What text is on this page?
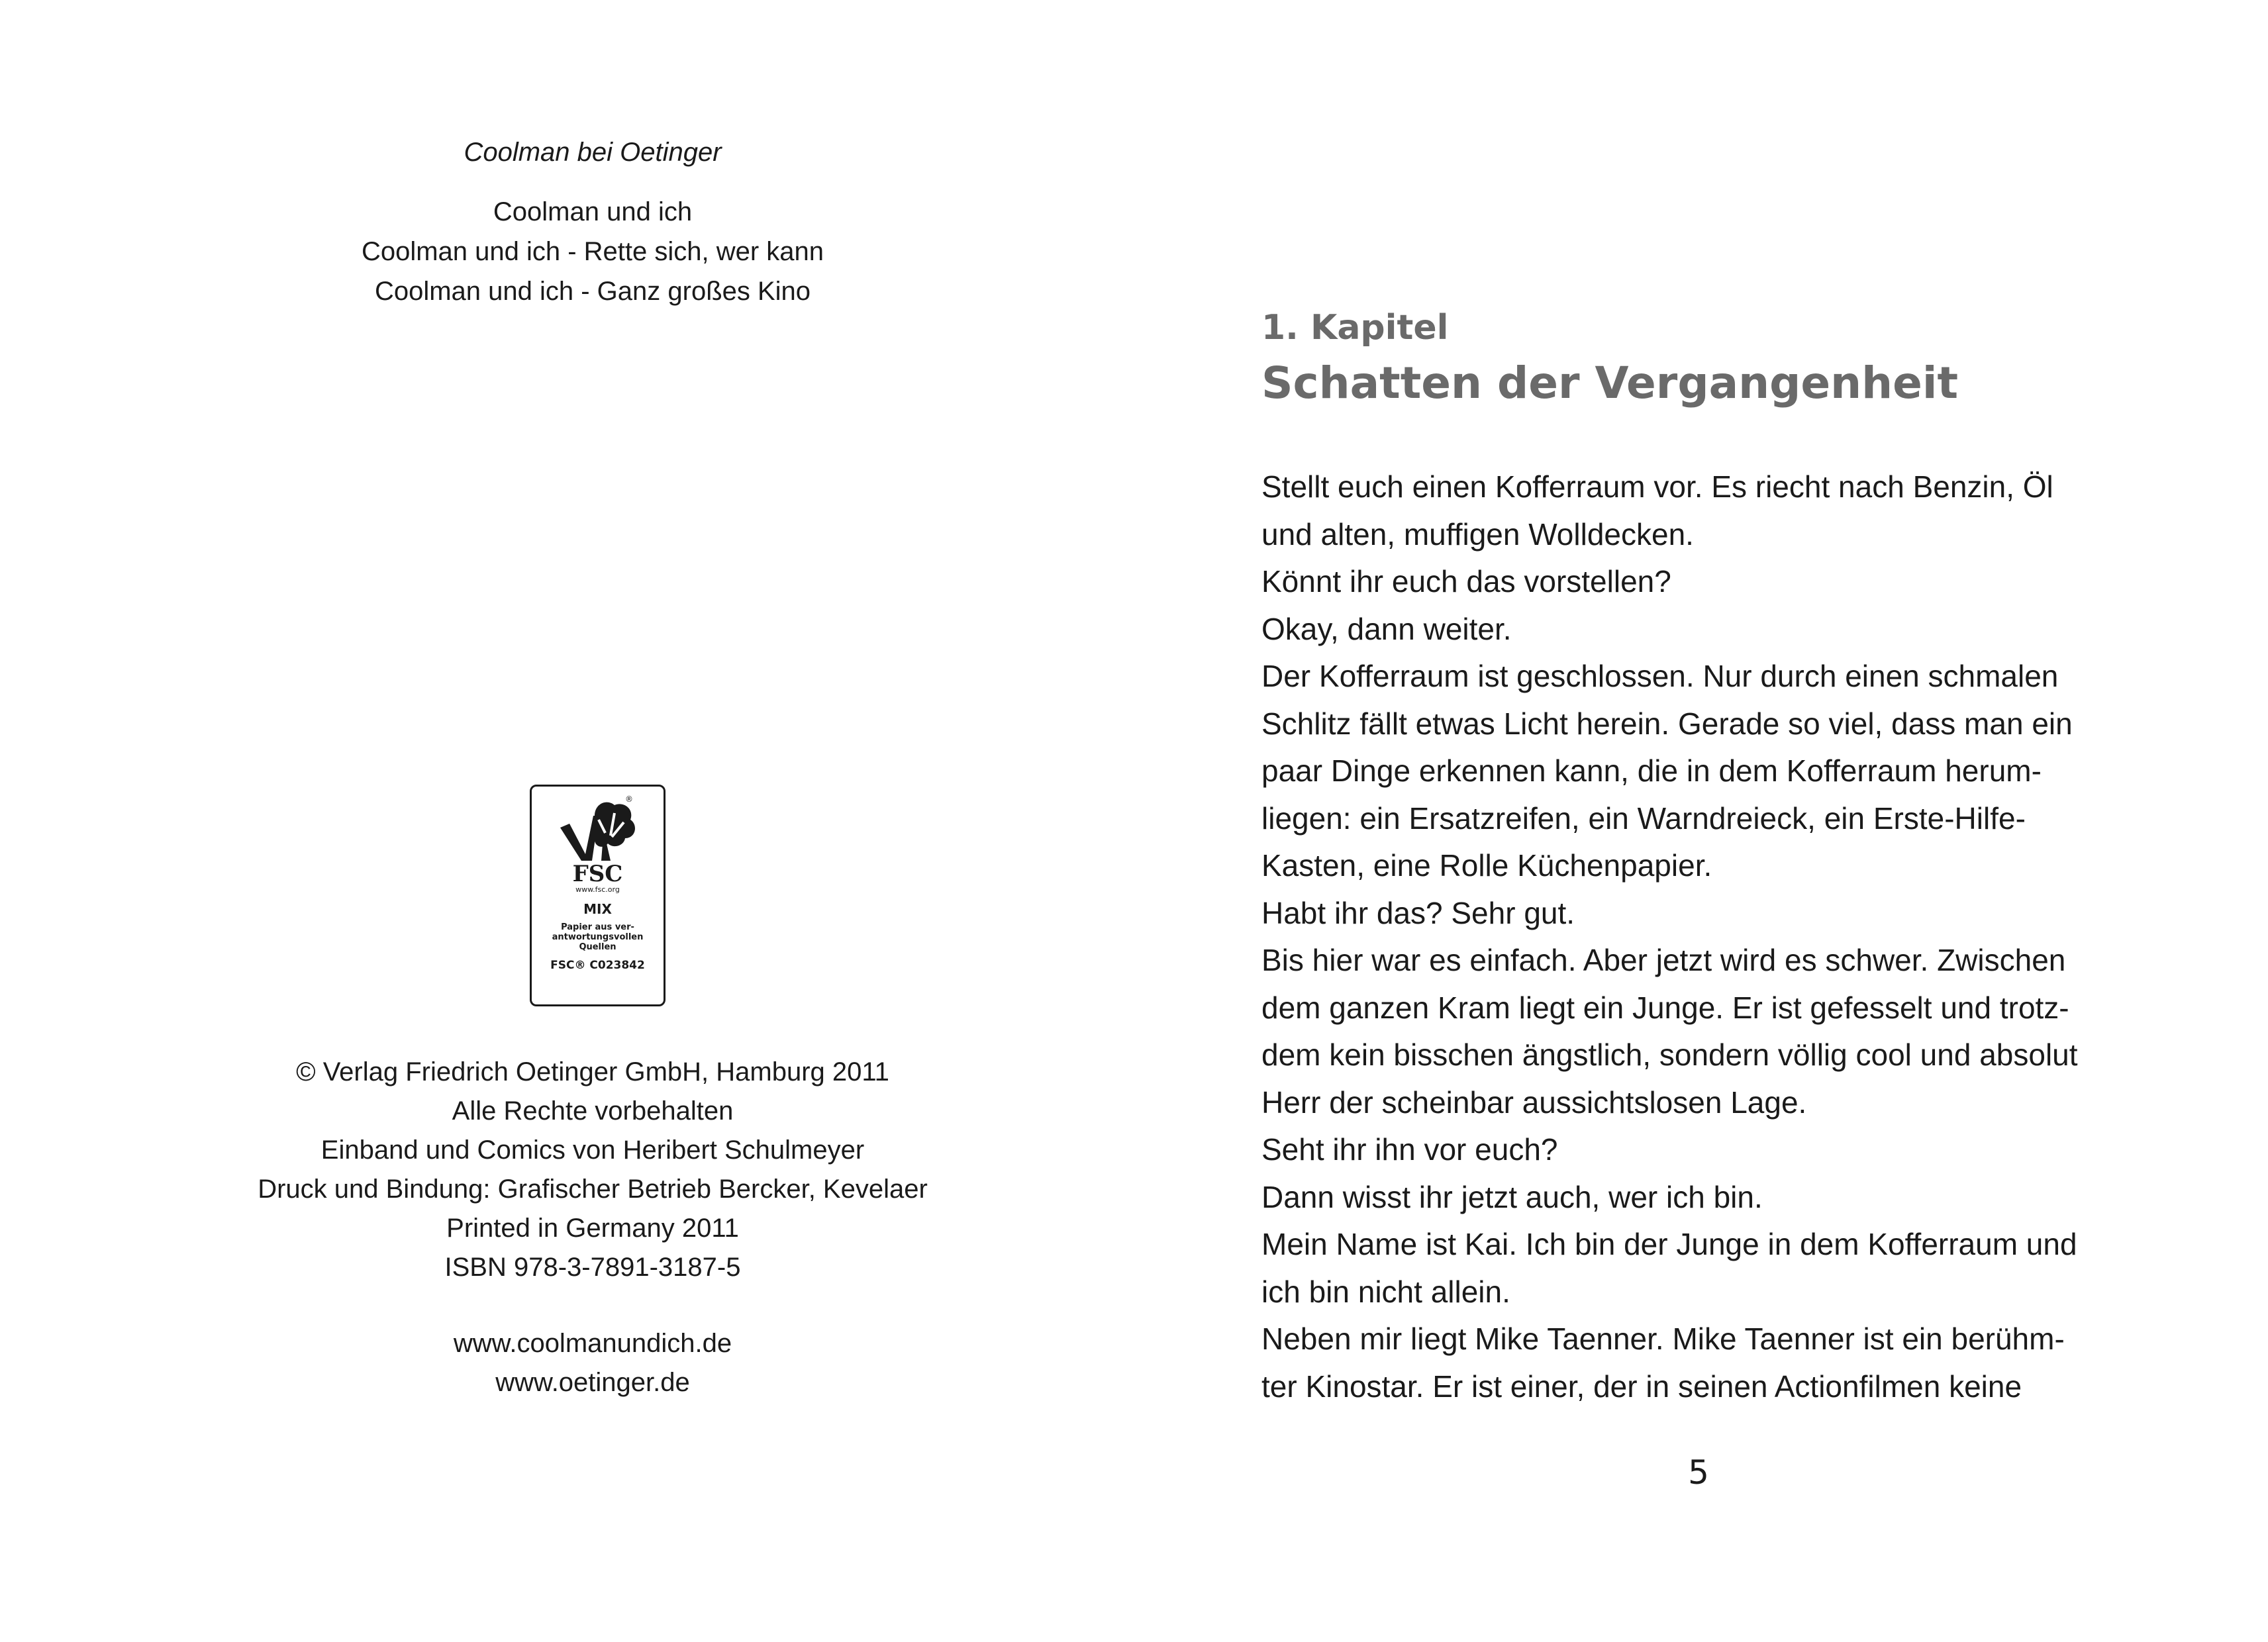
Coolman bei Oetinger
Coolman und ich
Coolman und ich - Rette sich, wer kann
Coolman und ich - Ganz großes Kino
®
FSC
www.fsc.org
MIX
Papier aus ver-
antwortungsvollen
Quellen
FSC® C023842
© Verlag Friedrich Oetinger GmbH, Hamburg 2011
Alle Rechte vorbehalten
Einband und Comics von Heribert Schulmeyer
Druck und Bindung: Grafischer Betrieb Bercker, Kevelaer
Printed in Germany 2011
ISBN 978-3-7891-3187-5
www.coolmanundich.de
www.oetinger.de
1. Kapitel
Schatten der Vergangenheit
Stellt euch einen Kofferraum vor. Es riecht nach Benzin, Öl
und alten, muffigen Wolldecken.
Könnt ihr euch das vorstellen?
Okay, dann weiter.
Der Kofferraum ist geschlossen. Nur durch einen schmalen
Schlitz fällt etwas Licht herein. Gerade so viel, dass man ein
paar Dinge erkennen kann, die in dem Kofferraum herum-
liegen: ein Ersatzreifen, ein Warndreieck, ein Erste-Hilfe-
Kasten, eine Rolle Küchenpapier.
Habt ihr das? Sehr gut.
Bis hier war es einfach. Aber jetzt wird es schwer. Zwischen
dem ganzen Kram liegt ein Junge. Er ist gefesselt und trotz-
dem kein bisschen ängstlich, sondern völlig cool und absolut
Herr der scheinbar aussichtslosen Lage.
Seht ihr ihn vor euch?
Dann wisst ihr jetzt auch, wer ich bin.
Mein Name ist Kai. Ich bin der Junge in dem Kofferraum und
ich bin nicht allein.
Neben mir liegt Mike Taenner. Mike Taenner ist ein berühm-
ter Kinostar. Er ist einer, der in seinen Actionfilmen keine
5
